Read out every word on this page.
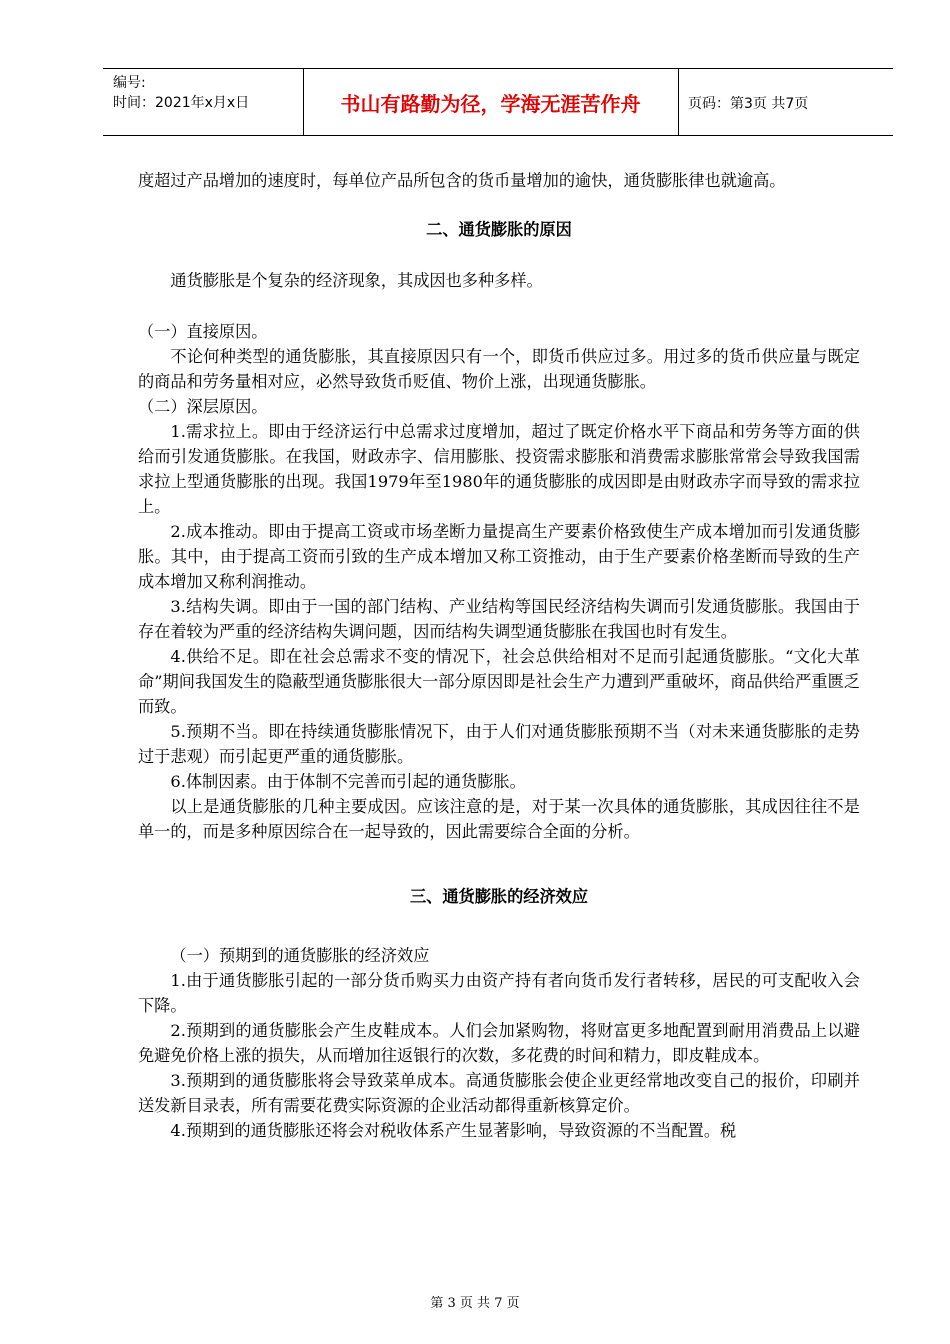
编号:
时间：2021年x月x日	书山有路勤为径，学海无涯苦作舟	页码：第3页 共7页

度超过产品增加的速度时，每单位产品所包含的货币量增加的逾快，通货膨胀律也就逾高。

二、通货膨胀的原因

通货膨胀是个复杂的经济现象，其成因也多种多样。

（一）直接原因。

不论何种类型的通货膨胀，其直接原因只有一个，即货币供应过多。用过多的货币供应量与既定的商品和劳务量相对应，必然导致货币贬值、物价上涨，出现通货膨胀。

（二）深层原因。

1.需求拉上。即由于经济运行中总需求过度增加，超过了既定价格水平下商品和劳务等方面的供给而引发通货膨胀。在我国，财政赤字、信用膨胀、投资需求膨胀和消费需求膨胀常常会导致我国需求拉上型通货膨胀的出现。我国1979年至1980年的通货膨胀的成因即是由财政赤字而导致的需求拉上。

2.成本推动。即由于提高工资或市场垄断力量提高生产要素价格致使生产成本增加而引发通货膨胀。其中，由于提高工资而引致的生产成本增加又称工资推动，由于生产要素价格垄断而导致的生产成本增加又称利润推动。

3.结构失调。即由于一国的部门结构、产业结构等国民经济结构失调而引发通货膨胀。我国由于存在着较为严重的经济结构失调问题，因而结构失调型通货膨胀在我国也时有发生。

4.供给不足。即在社会总需求不变的情况下，社会总供给相对不足而引起通货膨胀。“文化大革命”期间我国发生的隐蔽型通货膨胀很大一部分原因即是社会生产力遭到严重破坏，商品供给严重匮乏而致。

5.预期不当。即在持续通货膨胀情况下，由于人们对通货膨胀预期不当（对未来通货膨胀的走势过于悲观）而引起更严重的通货膨胀。

6.体制因素。由于体制不完善而引起的通货膨胀。

以上是通货膨胀的几种主要成因。应该注意的是，对于某一次具体的通货膨胀，其成因往往不是单一的，而是多种原因综合在一起导致的，因此需要综合全面的分析。

三、通货膨胀的经济效应

（一）预期到的通货膨胀的经济效应

1.由于通货膨胀引起的一部分货币购买力由资产持有者向货币发行者转移，居民的可支配收入会下降。

2.预期到的通货膨胀会产生皮鞋成本。人们会加紧购物，将财富更多地配置到耐用消费品上以避免避免价格上涨的损失，从而增加往返银行的次数，多花费的时间和精力，即皮鞋成本。

3.预期到的通货膨胀将会导致菜单成本。高通货膨胀会使企业更经常地改变自己的报价，印刷并送发新目录表，所有需要花费实际资源的企业活动都得重新核算定价。

4.预期到的通货膨胀还将会对税收体系产生显著影响，导致资源的不当配置。税

第 3 页 共 7 页
